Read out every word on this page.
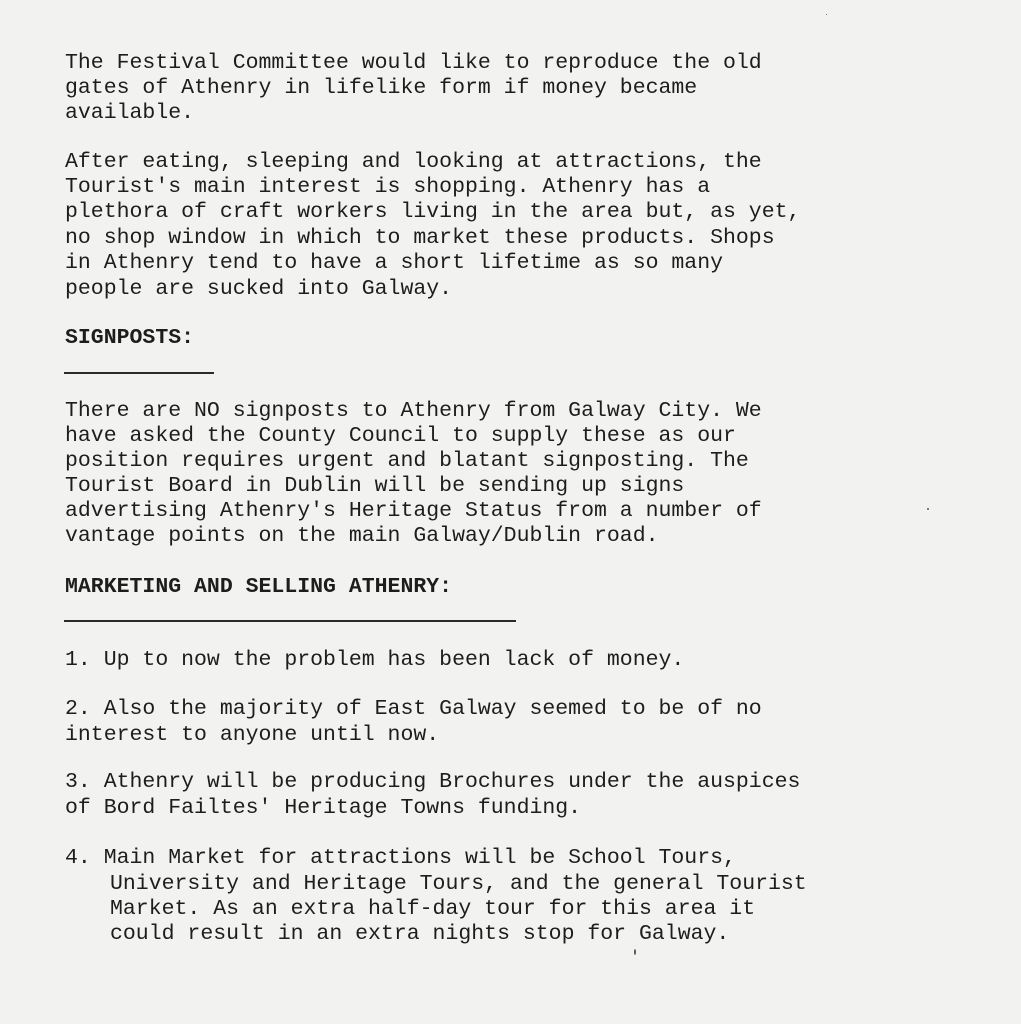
The Festival Committee would like to reproduce the old

gates of Athenry in lifelike form if money became

available.

After eating, sleeping and looking at attractions, the

Tourist's main interest is shopping. Athenry has a

plethora of craft workers living in the area but, as yet,

no shop window in which to market these products. Shops

in Athenry tend to have a short lifetime as so many

people are sucked into Galway.

SIGNPOSTS:

There are NO signposts to Athenry from Galway City. We

have asked the County Council to supply these as our

position requires urgent and blatant signposting. The

Tourist Board in Dublin will be sending up signs

advertising Athenry's Heritage Status from a number of

vantage points on the main Galway/Dublin road.

MARKETING AND SELLING ATHENRY:

1. Up to now the problem has been lack of money.

2. Also the majority of East Galway seemed to be of no

interest to anyone until now.

3. Athenry will be producing Brochures under the auspices

of Bord Failtes' Heritage Towns funding.

4. Main Market for attractions will be School Tours,

University and Heritage Tours, and the general Tourist

Market. As an extra half-day tour for this area it

could result in an extra nights stop for Galway.
